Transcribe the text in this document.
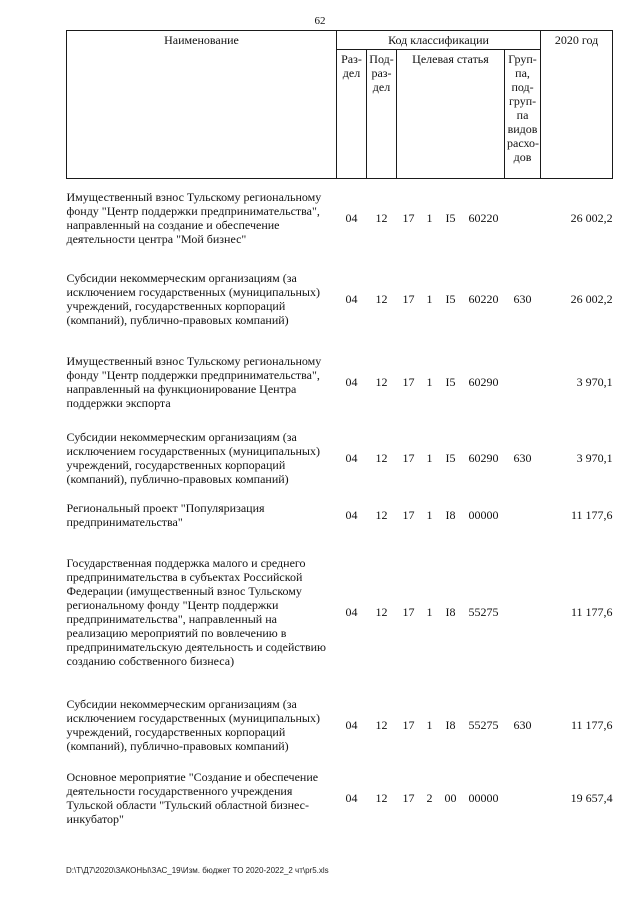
62
Наименование	Код классификации							2020 год
	Раз-дел	Под-раз-дел	Целевая статья				Груп-па, под-груп-па видов расхо-дов	
Имущественный взнос Тульскому региональному фонду "Центр поддержки предпринимательства", направленный на создание и обеспечение деятельности центра "Мой бизнес"	04	12	17	1	I5	60220		26 002,2
Субсидии некоммерческим организациям (за исключением государственных (муниципальных) учреждений, государственных корпораций (компаний), публично-правовых компаний)	04	12	17	1	I5	60220	630	26 002,2
Имущественный взнос Тульскому региональному фонду "Центр поддержки предпринимательства", направленный на функционирование Центра поддержки экспорта	04	12	17	1	I5	60290		3 970,1
Субсидии некоммерческим организациям (за исключением государственных (муниципальных) учреждений, государственных корпораций (компаний), публично-правовых компаний)	04	12	17	1	I5	60290	630	3 970,1
Региональный проект "Популяризация предпринимательства"	04	12	17	1	I8	00000		11 177,6
Государственная поддержка малого и среднего предпринимательства в субъектах Российской Федерации (имущественный взнос Тульскому региональному фонду "Центр поддержки предпринимательства", направленный на реализацию мероприятий по вовлечению в предпринимательскую деятельность и содействию созданию собственного бизнеса)	04	12	17	1	I8	55275		11 177,6
Субсидии некоммерческим организациям (за исключением государственных (муниципальных) учреждений, государственных корпораций (компаний), публично-правовых компаний)	04	12	17	1	I8	55275	630	11 177,6
Основное мероприятие "Создание и обеспечение деятельности государственного учреждения Тульской области "Тульский областной бизнес-инкубатор"	04	12	17	2	00	00000		19 657,4
D:\Т\Д7\2020\ЗАКОНЫ\ЗАС_19\Изм. бюджет ТО 2020-2022_2 чт\pr5.xls
